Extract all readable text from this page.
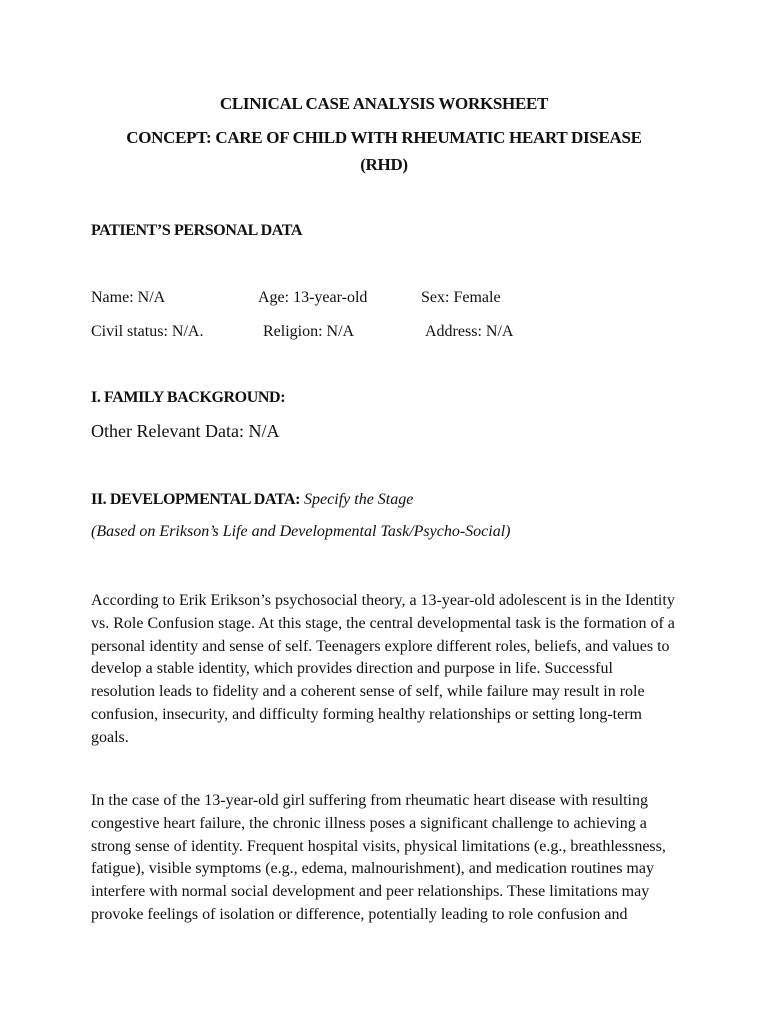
CLINICAL CASE ANALYSIS WORKSHEET
CONCEPT: CARE OF CHILD WITH RHEUMATIC HEART DISEASE
(RHD)
PATIENT’S PERSONAL DATA
Name: N/A	Age: 13-year-old	Sex: Female
Civil status: N/A.	Religion: N/A	Address: N/A
I. FAMILY BACKGROUND:
Other Relevant Data: N/A
II. DEVELOPMENTAL DATA: Specify the Stage
(Based on Erikson’s Life and Developmental Task/Psycho-Social)
According to Erik Erikson’s psychosocial theory, a 13-year-old adolescent is in the Identity
vs. Role Confusion stage. At this stage, the central developmental task is the formation of a
personal identity and sense of self. Teenagers explore different roles, beliefs, and values to
develop a stable identity, which provides direction and purpose in life. Successful
resolution leads to fidelity and a coherent sense of self, while failure may result in role
confusion, insecurity, and difficulty forming healthy relationships or setting long-term
goals.
In the case of the 13-year-old girl suffering from rheumatic heart disease with resulting
congestive heart failure, the chronic illness poses a significant challenge to achieving a
strong sense of identity. Frequent hospital visits, physical limitations (e.g., breathlessness,
fatigue), visible symptoms (e.g., edema, malnourishment), and medication routines may
interfere with normal social development and peer relationships. These limitations may
provoke feelings of isolation or difference, potentially leading to role confusion and
